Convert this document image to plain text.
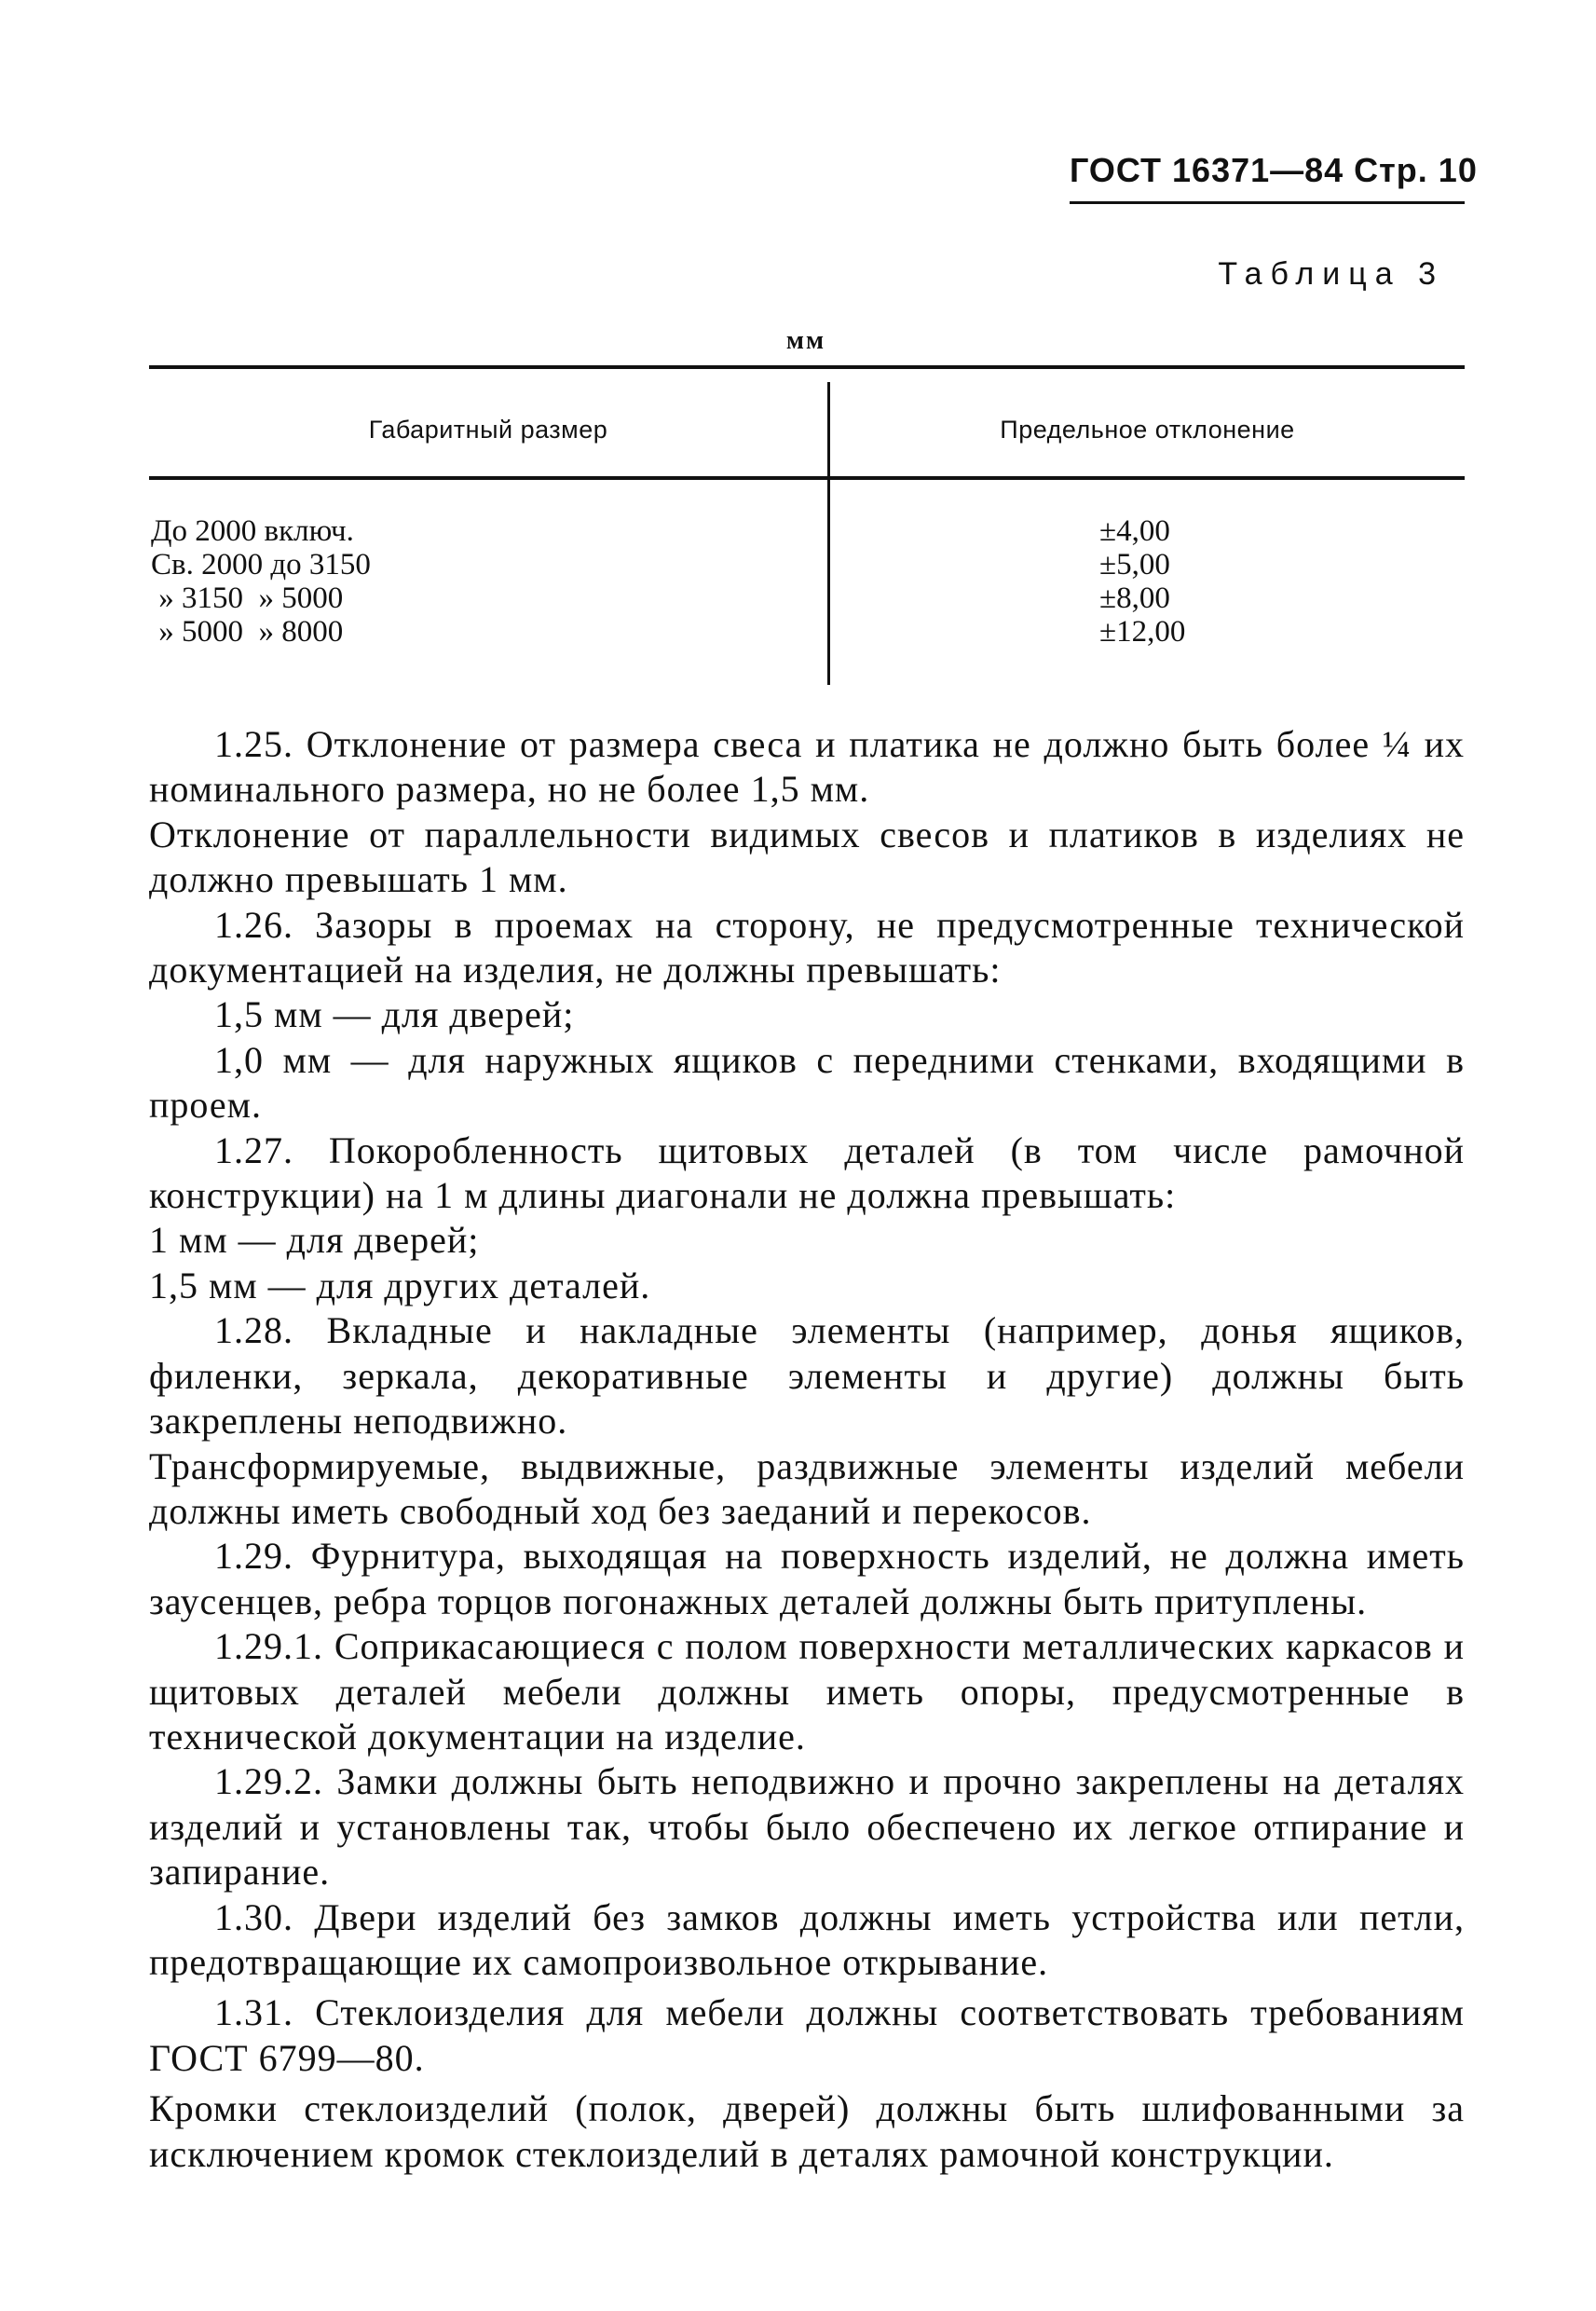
ГОСТ 16371—84 Стр. 10
Таблица 3
мм
Габаритный размер	Предельное отклонение
До 2000 включ.
Св. 2000 до 3150
» 3150  » 5000
» 5000  » 8000
±4,00
±5,00
±8,00
±12,00

1.25. Отклонение от размера свеса и платика не должно быть более ¼ их номинального размера, но не более 1,5 мм.

Отклонение от параллельности видимых свесов и платиков в изделиях не должно превышать 1 мм.

1.26. Зазоры в проемах на сторону, не предусмотренные технической документацией на изделия, не должны превышать:

1,5 мм — для дверей;

1,0 мм — для наружных ящиков с передними стенками, входящими в проем.

1.27. Покоробленность щитовых деталей (в том числе рамочной конструкции) на 1 м длины диагонали не должна превышать:

1 мм — для дверей;

1,5 мм — для других деталей.

1.28. Вкладные и накладные элементы (например, донья ящиков, филенки, зеркала, декоративные элементы и другие) должны быть закреплены неподвижно.

Трансформируемые, выдвижные, раздвижные элементы изделий мебели должны иметь свободный ход без заеданий и перекосов.

1.29. Фурнитура, выходящая на поверхность изделий, не должна иметь заусенцев, ребра торцов погонажных деталей должны быть притуплены.

1.29.1. Соприкасающиеся с полом поверхности металлических каркасов и щитовых деталей мебели должны иметь опоры, предусмотренные в технической документации на изделие.

1.29.2. Замки должны быть неподвижно и прочно закреплены на деталях изделий и установлены так, чтобы было обеспечено их легкое отпирание и запирание.

1.30. Двери изделий без замков должны иметь устройства или петли, предотвращающие их самопроизвольное открывание.

1.31. Стеклоизделия для мебели должны соответствовать требованиям ГОСТ 6799—80.

Кромки стеклоизделий (полок, дверей) должны быть шлифованными за исключением кромок стеклоизделий в деталях рамочной конструкции.
